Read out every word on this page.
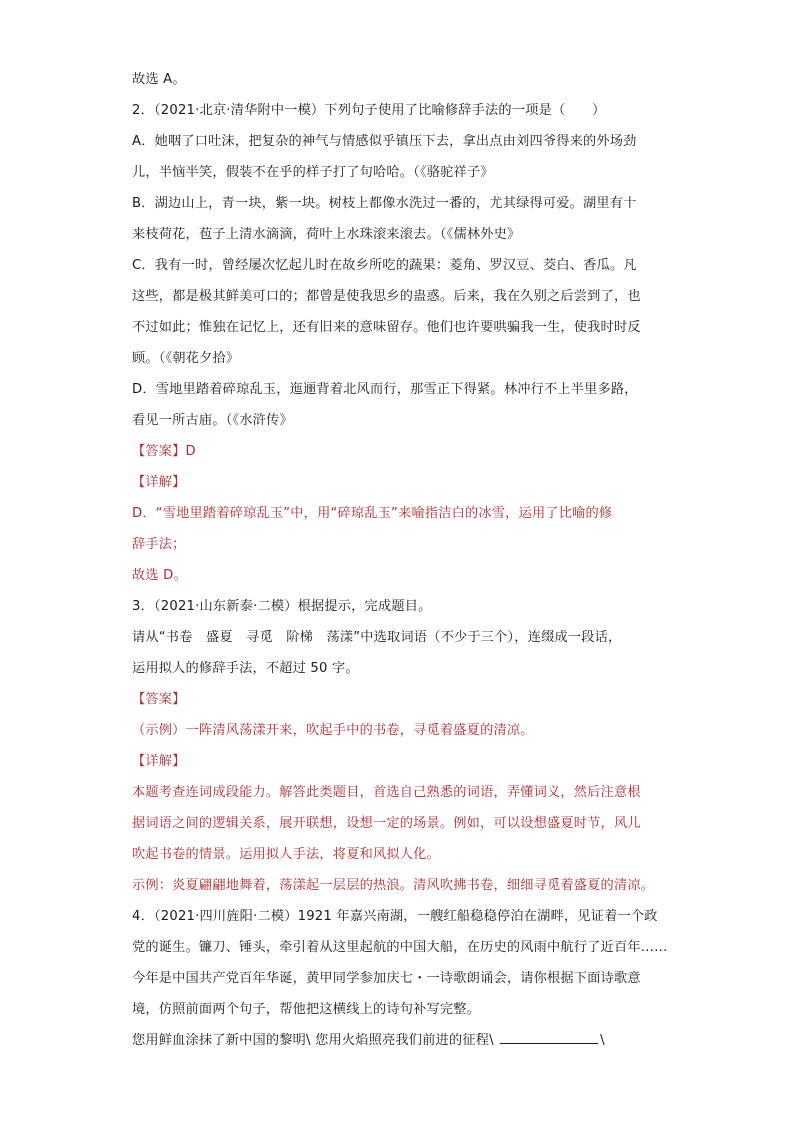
故选 A。
2．（2021·北京·清华附中一模）下列句子使用了比喻修辞手法的一项是（　　）
A．她咽了口吐沫，把复杂的神气与情感似乎镇压下去，拿出点由刘四爷得来的外场劲
儿，半恼半笑，假装不在乎的样子打了句哈哈。（《骆驼祥子》
B．湖边山上，青一块，紫一块。树枝上都像水洗过一番的，尤其绿得可爱。湖里有十
来枝荷花，苞子上清水滴滴，荷叶上水珠滚来滚去。（《儒林外史》
C．我有一时，曾经屡次忆起儿时在故乡所吃的蔬果：菱角、罗汉豆、茭白、香瓜。凡
这些，都是极其鲜美可口的；都曾是使我思乡的蛊惑。后来，我在久别之后尝到了，也
不过如此；惟独在记忆上，还有旧来的意味留存。他们也许要哄骗我一生，使我时时反
顾。（《朝花夕拾》
D．雪地里踏着碎琼乱玉，迤逦背着北风而行，那雪正下得紧。林冲行不上半里多路，
看见一所古庙。（《水浒传》
【答案】D
【详解】
D．“雪地里踏着碎琼乱玉”中，用“碎琼乱玉”来喻指洁白的冰雪，运用了比喻的修
辞手法；
故选 D。
3．（2021·山东新泰·二模）根据提示，完成题目。
请从“书卷　盛夏　寻觅　阶梯　荡漾”中选取词语（不少于三个），连缀成一段话，
运用拟人的修辞手法，不超过 50 字。
【答案】
（示例）一阵清风荡漾开来，吹起手中的书卷，寻觅着盛夏的清凉。
【详解】
本题考查连词成段能力。解答此类题目，首选自己熟悉的词语，弄懂词义，然后注意根
据词语之间的逻辑关系，展开联想，设想一定的场景。例如，可以设想盛夏时节，风儿
吹起书卷的情景。运用拟人手法，将夏和风拟人化。
示例：炎夏翩翩地舞着，荡漾起一层层的热浪。清风吹拂书卷，细细寻觅着盛夏的清凉。
4．（2021·四川旌阳·二模）1921 年嘉兴南湖，一艘红船稳稳停泊在湖畔，见证着一个政
党的诞生。镰刀、锤头，牵引着从这里起航的中国大船，在历史的风雨中航行了近百年……
今年是中国共产党百年华诞，黄甲同学参加庆七・一诗歌朗诵会，请你根据下面诗歌意
境，仿照前面两个句子，帮他把这横线上的诗句补写完整。
您用鲜血涂抹了新中国的黎明\ 您用火焰照亮我们前进的征程\	\
